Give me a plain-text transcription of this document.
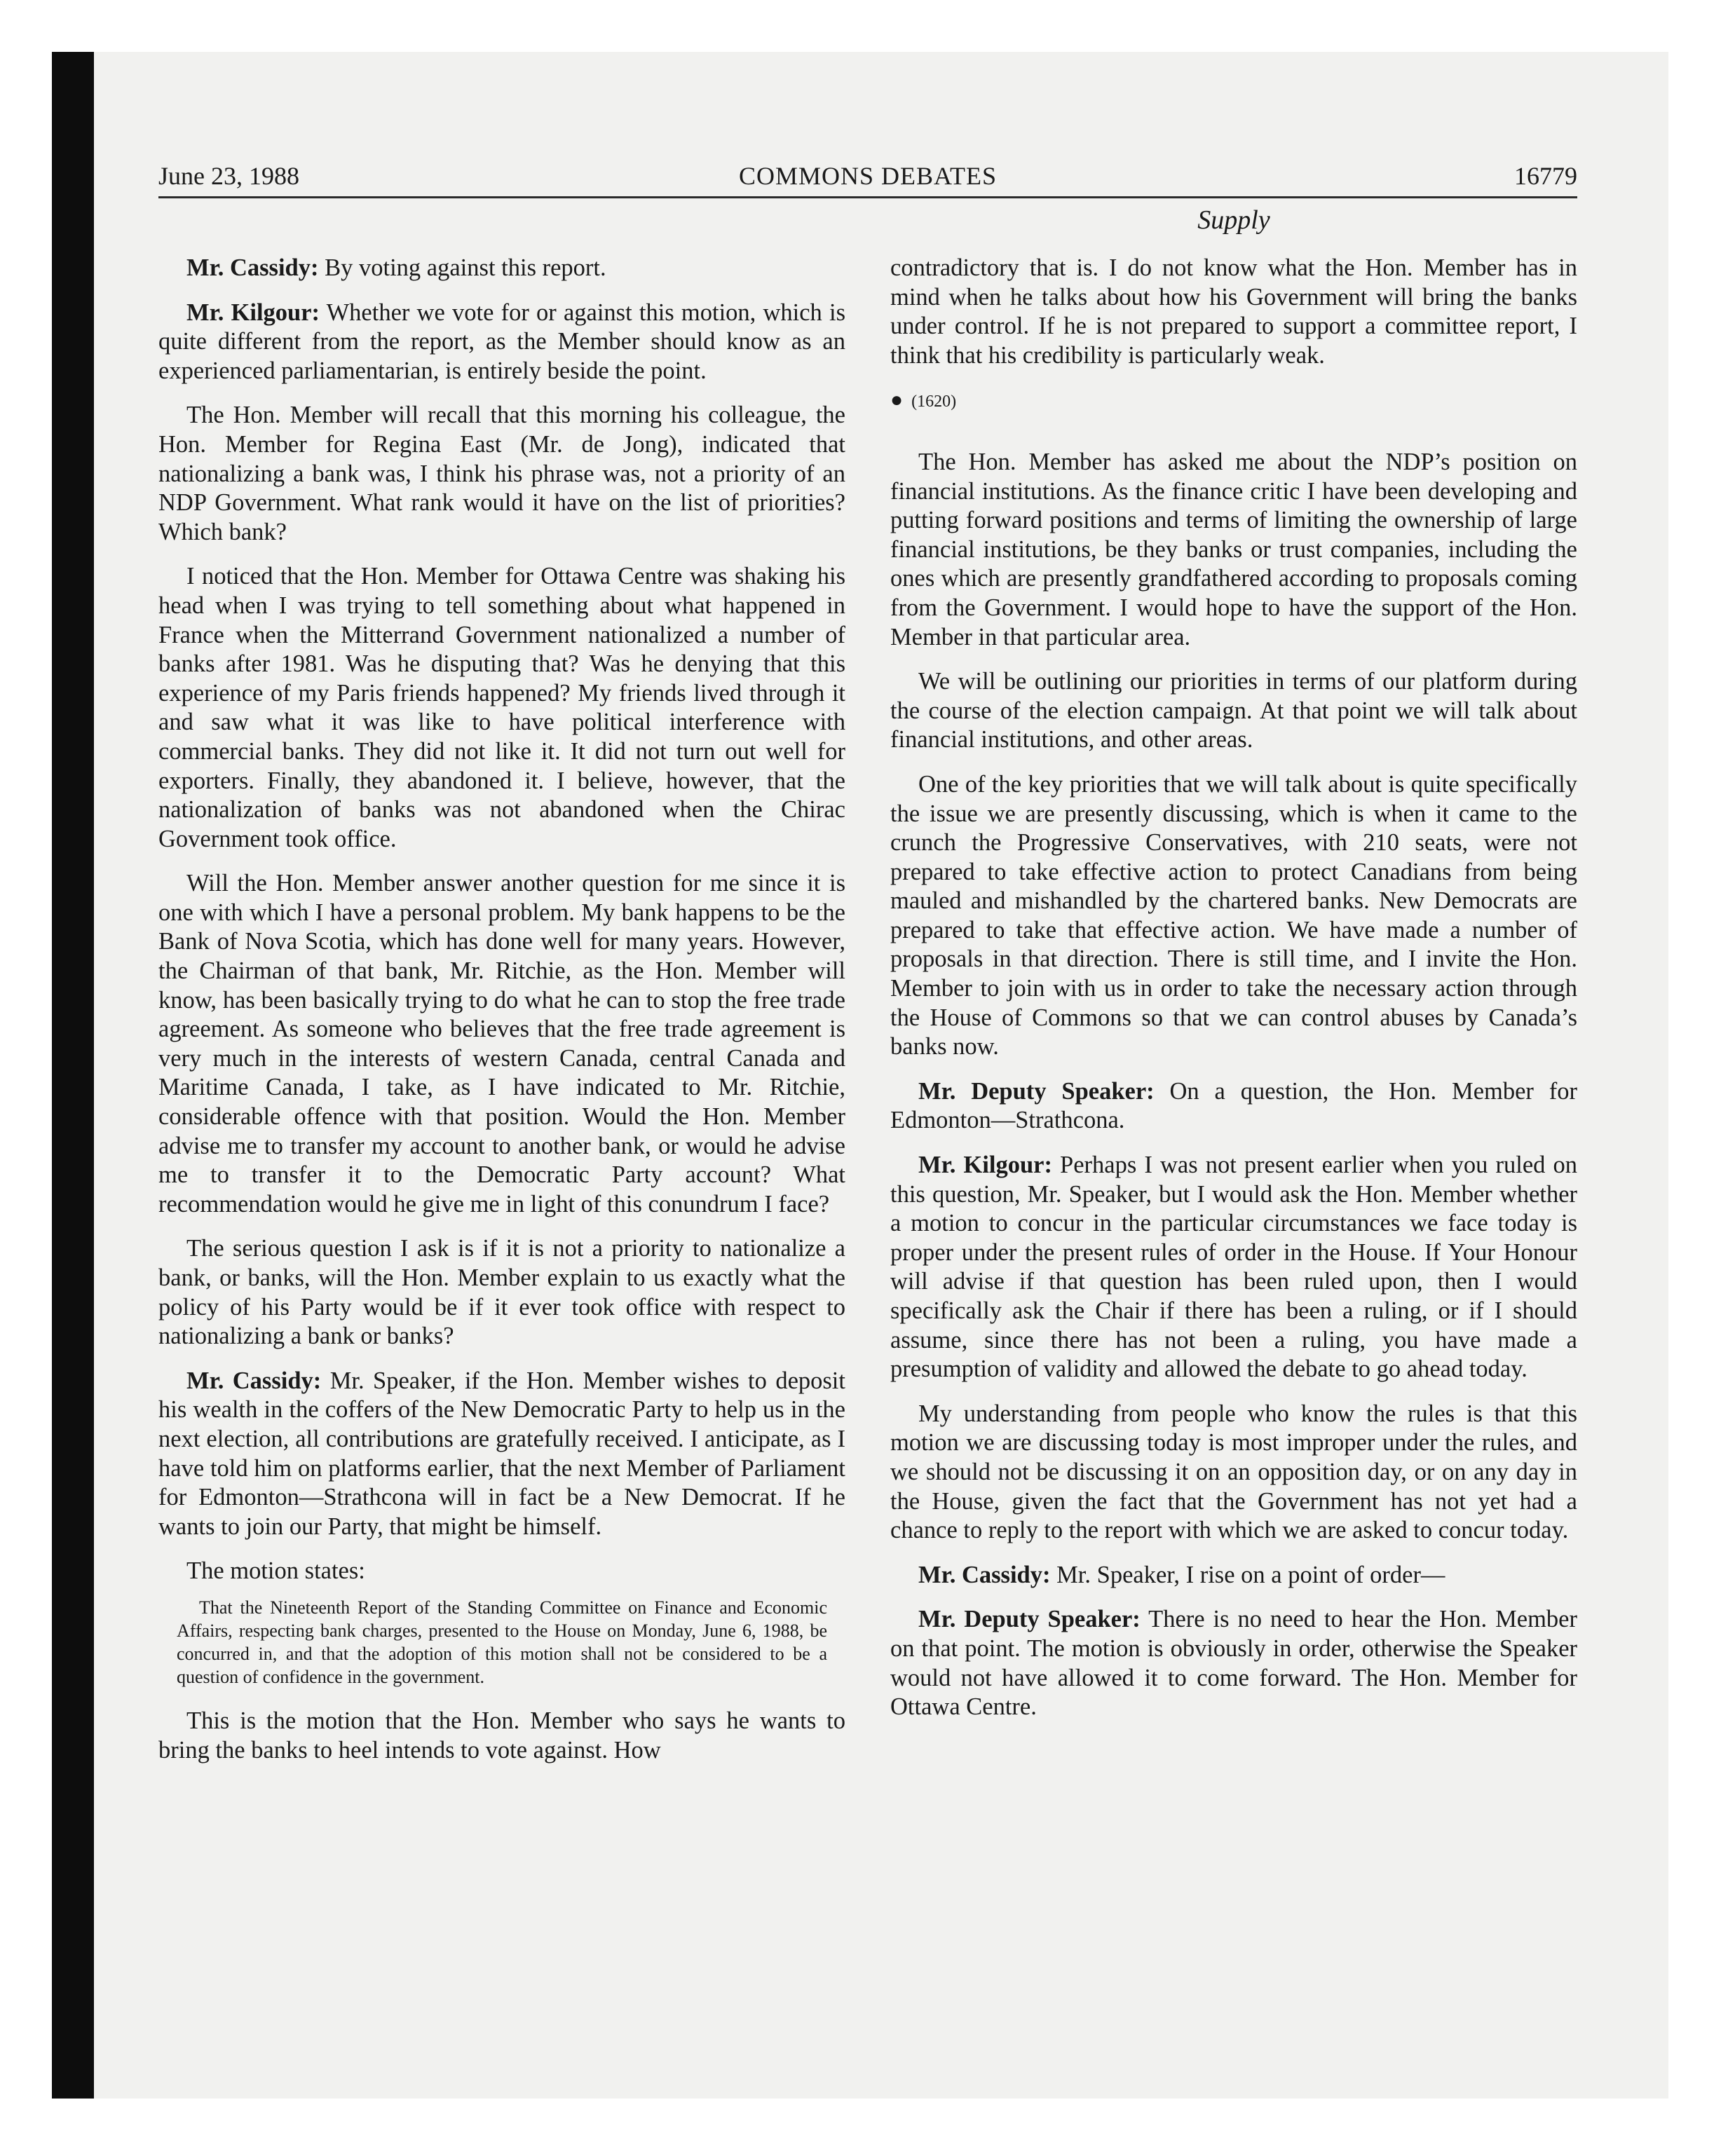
June 23, 1988	COMMONS DEBATES	16779
Supply

Mr. Cassidy: By voting against this report.

Mr. Kilgour: Whether we vote for or against this motion, which is quite different from the report, as the Member should know as an experienced parliamentarian, is entirely beside the point.

The Hon. Member will recall that this morning his colleague, the Hon. Member for Regina East (Mr. de Jong), indicated that nationalizing a bank was, I think his phrase was, not a priority of an NDP Government. What rank would it have on the list of priorities? Which bank?

I noticed that the Hon. Member for Ottawa Centre was shaking his head when I was trying to tell something about what happened in France when the Mitterrand Government nationalized a number of banks after 1981. Was he disputing that? Was he denying that this experience of my Paris friends happened? My friends lived through it and saw what it was like to have political interference with commercial banks. They did not like it. It did not turn out well for exporters. Finally, they abandoned it. I believe, however, that the nationalization of banks was not abandoned when the Chirac Government took office.

Will the Hon. Member answer another question for me since it is one with which I have a personal problem. My bank happens to be the Bank of Nova Scotia, which has done well for many years. However, the Chairman of that bank, Mr. Ritchie, as the Hon. Member will know, has been basically trying to do what he can to stop the free trade agreement. As someone who believes that the free trade agreement is very much in the interests of western Canada, central Canada and Maritime Canada, I take, as I have indicated to Mr. Ritchie, considerable offence with that position. Would the Hon. Member advise me to transfer my account to another bank, or would he advise me to transfer it to the Democratic Party account? What recommendation would he give me in light of this conundrum I face?

The serious question I ask is if it is not a priority to nationalize a bank, or banks, will the Hon. Member explain to us exactly what the policy of his Party would be if it ever took office with respect to nationalizing a bank or banks?

Mr. Cassidy: Mr. Speaker, if the Hon. Member wishes to deposit his wealth in the coffers of the New Democratic Party to help us in the next election, all contributions are gratefully received. I anticipate, as I have told him on platforms earlier, that the next Member of Parliament for Edmonton—Strathcona will in fact be a New Democrat. If he wants to join our Party, that might be himself.

The motion states:

That the Nineteenth Report of the Standing Committee on Finance and Economic Affairs, respecting bank charges, presented to the House on Monday, June 6, 1988, be concurred in, and that the adoption of this motion shall not be considered to be a question of confidence in the government.

This is the motion that the Hon. Member who says he wants to bring the banks to heel intends to vote against. How

contradictory that is. I do not know what the Hon. Member has in mind when he talks about how his Government will bring the banks under control. If he is not prepared to support a committee report, I think that his credibility is particularly weak.

● (1620)

The Hon. Member has asked me about the NDP’s position on financial institutions. As the finance critic I have been developing and putting forward positions and terms of limiting the ownership of large financial institutions, be they banks or trust companies, including the ones which are presently grandfathered according to proposals coming from the Government. I would hope to have the support of the Hon. Member in that particular area.

We will be outlining our priorities in terms of our platform during the course of the election campaign. At that point we will talk about financial institutions, and other areas.

One of the key priorities that we will talk about is quite specifically the issue we are presently discussing, which is when it came to the crunch the Progressive Conservatives, with 210 seats, were not prepared to take effective action to protect Canadians from being mauled and mishandled by the chartered banks. New Democrats are prepared to take that effective action. We have made a number of proposals in that direction. There is still time, and I invite the Hon. Member to join with us in order to take the necessary action through the House of Commons so that we can control abuses by Canada’s banks now.

Mr. Deputy Speaker: On a question, the Hon. Member for Edmonton—Strathcona.

Mr. Kilgour: Perhaps I was not present earlier when you ruled on this question, Mr. Speaker, but I would ask the Hon. Member whether a motion to concur in the particular circumstances we face today is proper under the present rules of order in the House. If Your Honour will advise if that question has been ruled upon, then I would specifically ask the Chair if there has been a ruling, or if I should assume, since there has not been a ruling, you have made a presumption of validity and allowed the debate to go ahead today.

My understanding from people who know the rules is that this motion we are discussing today is most improper under the rules, and we should not be discussing it on an opposition day, or on any day in the House, given the fact that the Government has not yet had a chance to reply to the report with which we are asked to concur today.

Mr. Cassidy: Mr. Speaker, I rise on a point of order—

Mr. Deputy Speaker: There is no need to hear the Hon. Member on that point. The motion is obviously in order, otherwise the Speaker would not have allowed it to come forward. The Hon. Member for Ottawa Centre.
